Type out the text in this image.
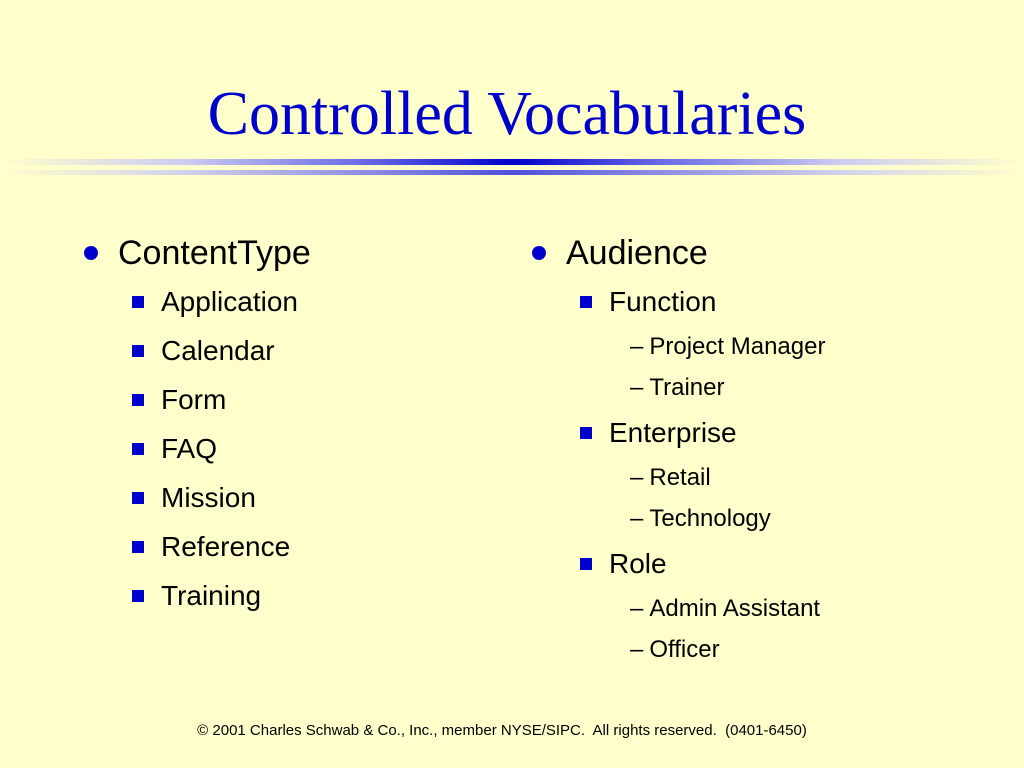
Controlled Vocabularies
ContentType
Application
Calendar
Form
FAQ
Mission
Reference
Training
Audience
Function
– Project Manager
– Trainer
Enterprise
– Retail
– Technology
Role
– Admin Assistant
– Officer
© 2001 Charles Schwab & Co., Inc., member NYSE/SIPC.  All rights reserved.  (0401-6450)
